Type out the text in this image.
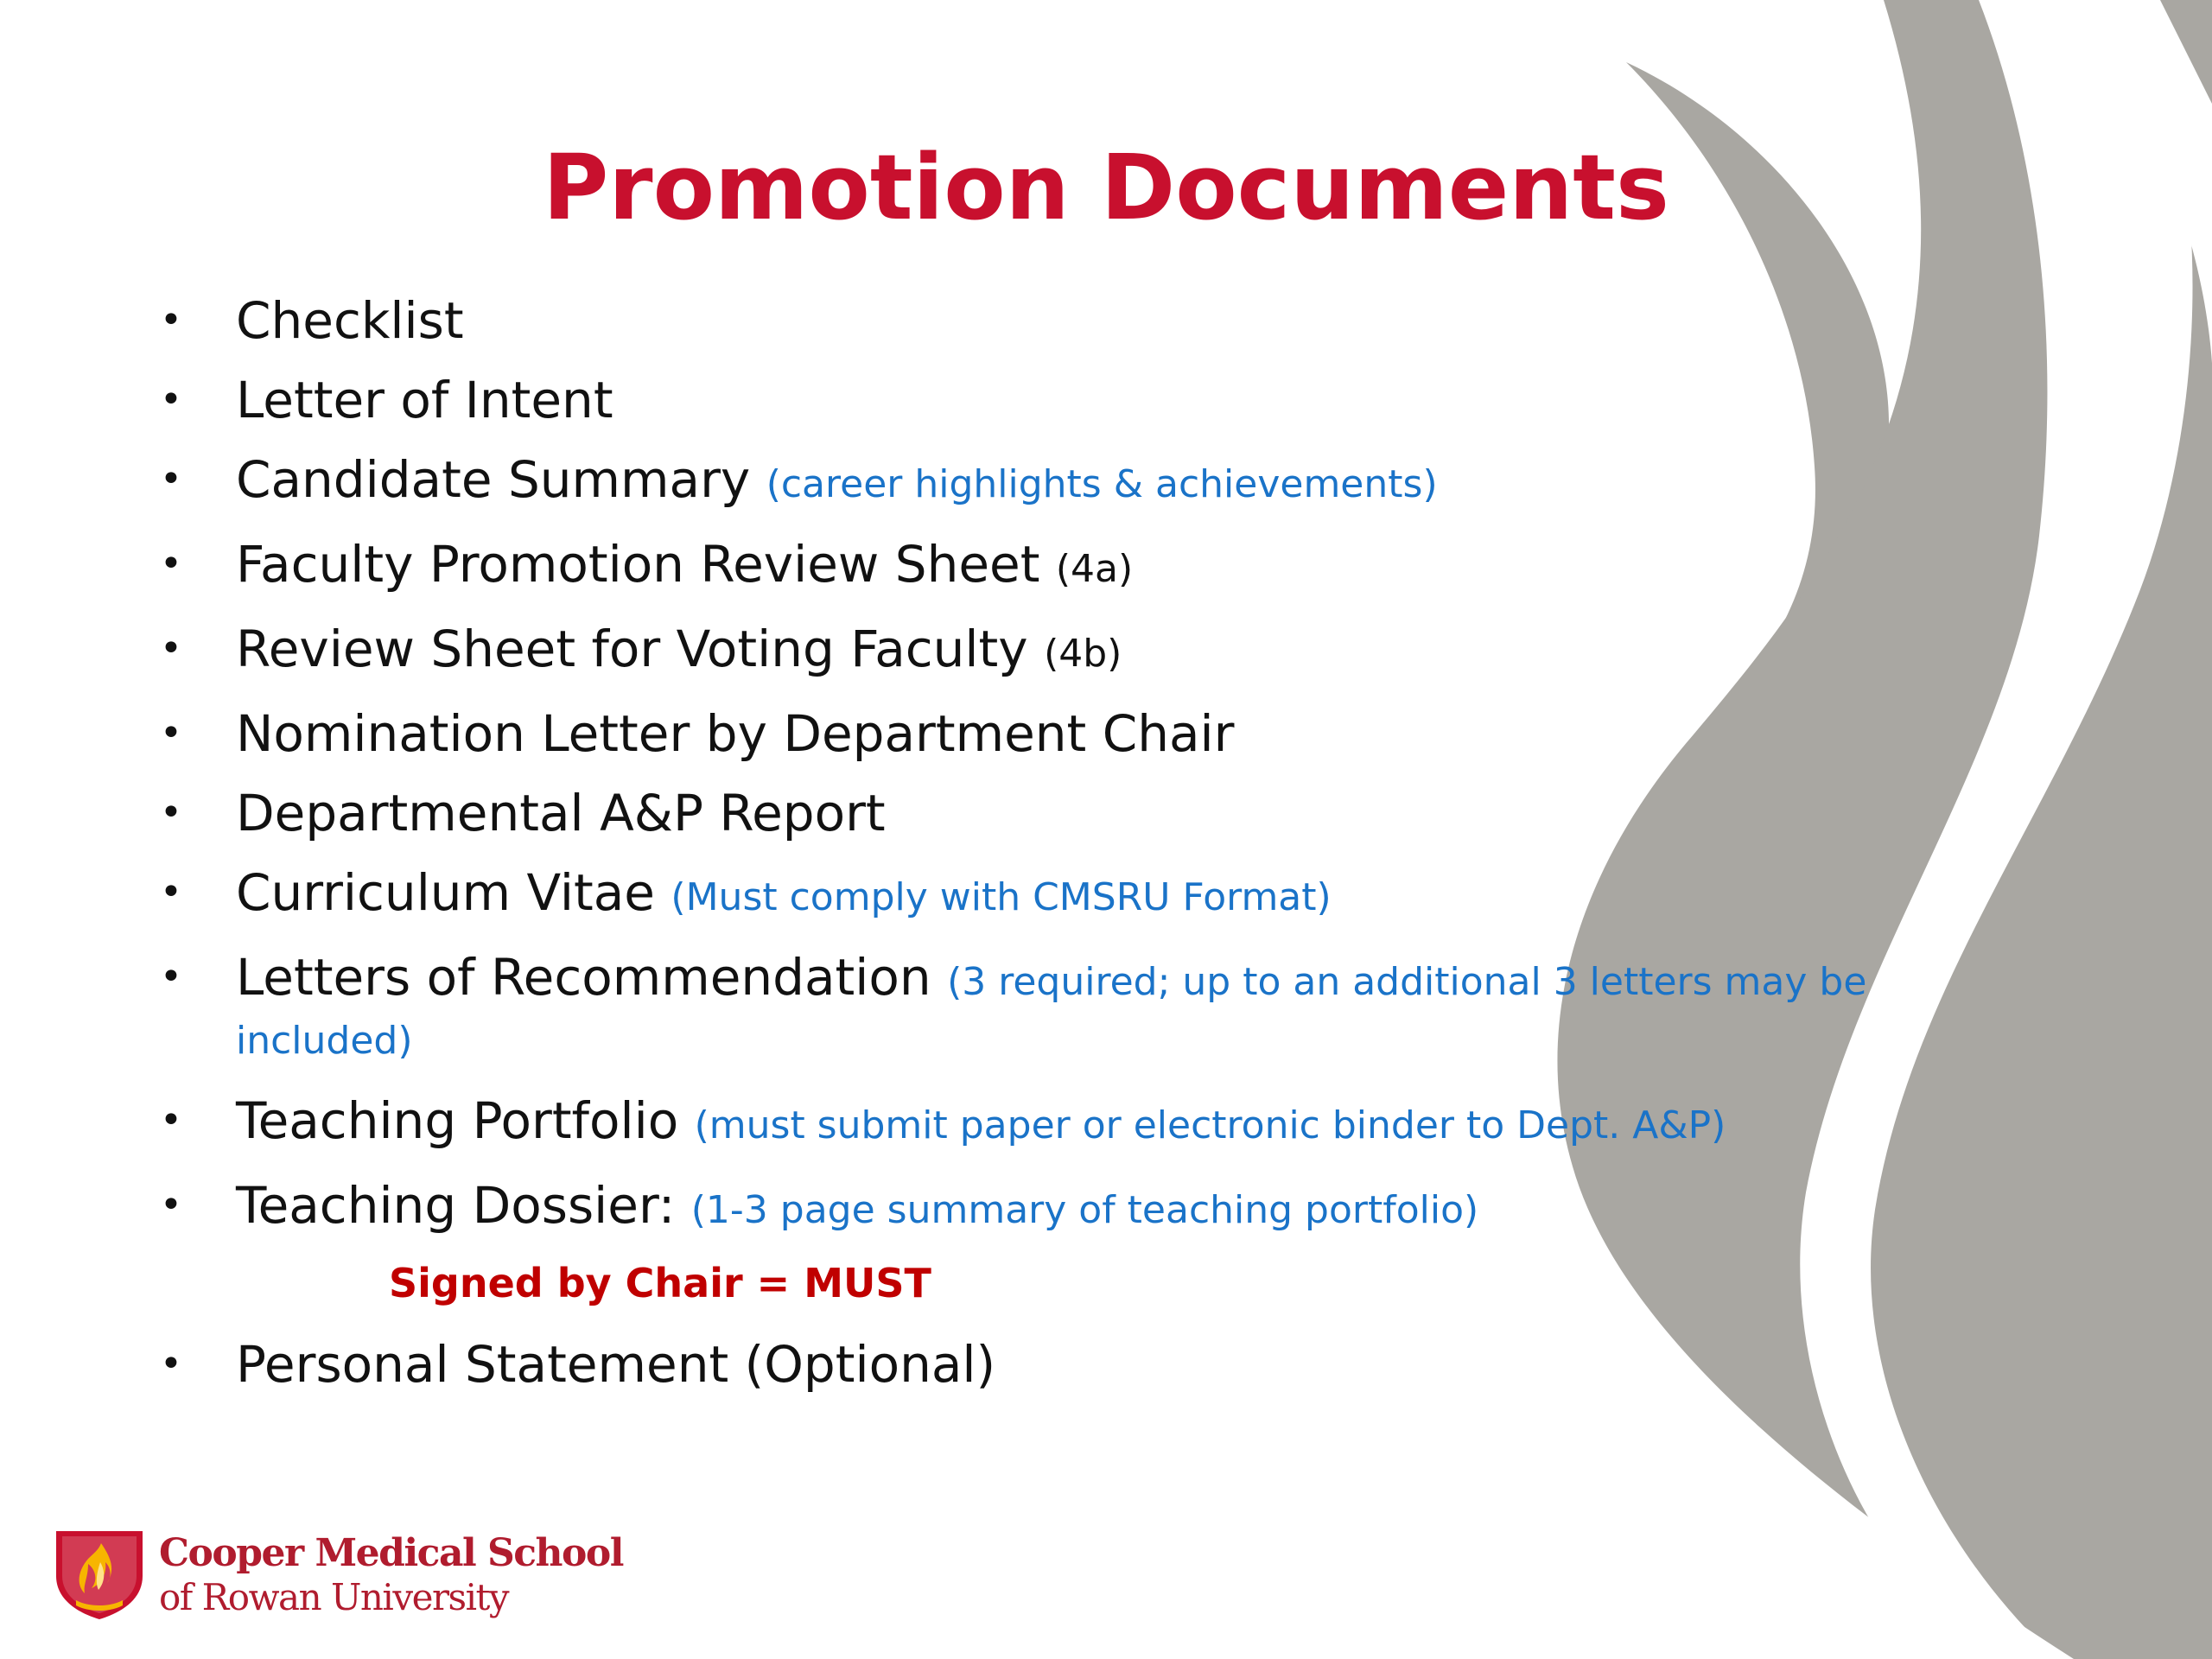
Promotion Documents
• Checklist
• Letter of Intent
• Candidate Summary (career highlights & achievements)
• Faculty Promotion Review Sheet (4a)
• Review Sheet for Voting Faculty (4b)
• Nomination Letter by Department Chair
• Departmental A&P Report
• Curriculum Vitae (Must comply with CMSRU Format)
• Letters of Recommendation (3 required; up to an additional 3 letters may be included)
• Teaching Portfolio (must submit paper or electronic binder to Dept. A&P)
• Teaching Dossier: (1-3 page summary of teaching portfolio)
Signed by Chair = MUST
• Personal Statement (Optional)
Cooper Medical School
of Rowan University
